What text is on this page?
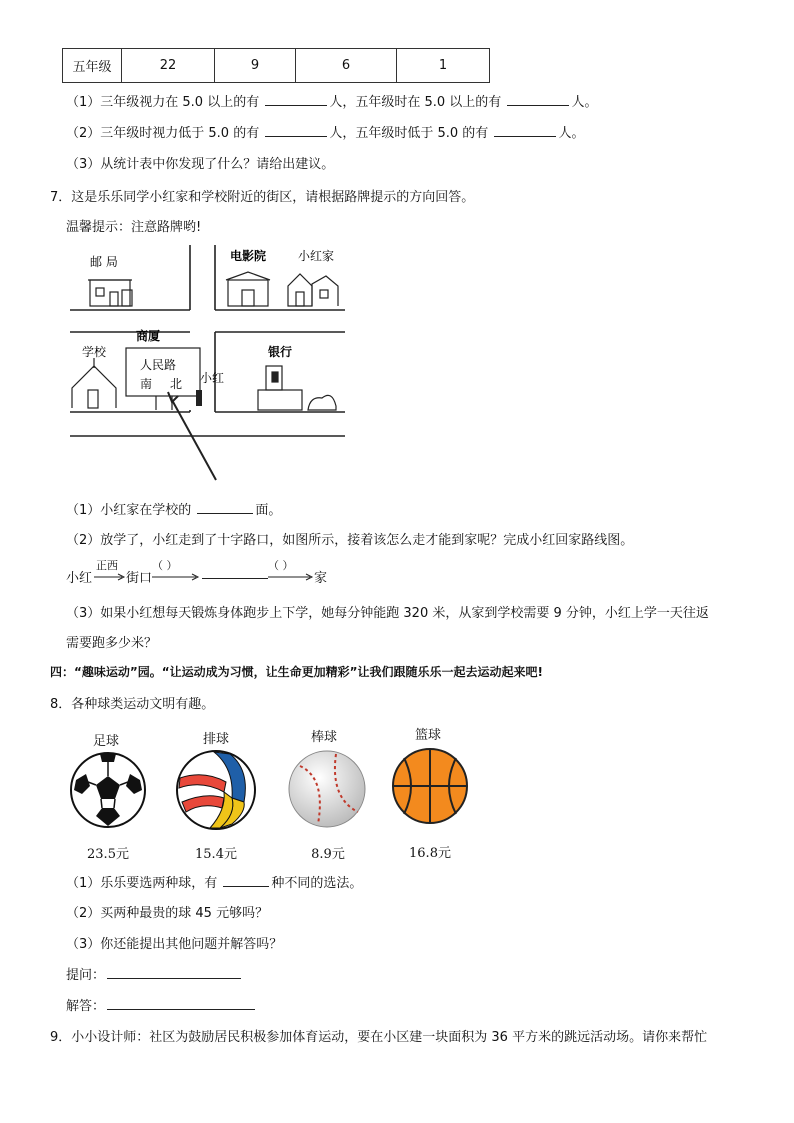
五年级	22	9	6	1
（1）三年级视力在 5.0 以上的有	人，五年级时在 5.0 以上的有	人。
（2）三年级时视力低于 5.0 的有	人，五年级时低于 5.0 的有	人。
（3）从统计表中你发现了什么？请给出建议。
7．这是乐乐同学小红家和学校附近的街区，请根据路牌提示的方向回答。
温馨提示：注意路牌哟!
邮 局	电影院	小红家
学校
商厦
人民路
南 北 小红
银行
（1）小红家在学校的	面。
（2）放学了，小红走到了十字路口，如图所示，接着该怎么走才能到家呢？完成小红回家路线图。
小红
正西
街口
（ ）	（ ）
家
（3）如果小红想每天锻炼身体跑步上下学，她每分钟能跑 320 米，从家到学校需要 9 分钟，小红上学一天往返
需要跑多少米？
四：“趣味运动”园。“让运动成为习惯，让生命更加精彩”让我们跟随乐乐一起去运动起来吧!
8．各种球类运动文明有趣。
足球	排球	棒球	篮球
23.5元	15.4元	8.9元	16.8元
（1）乐乐要选两种球，有	种不同的选法。
（2）买两种最贵的球 45 元够吗？
（3）你还能提出其他问题并解答吗？
提问：
解答：
9．小小设计师：社区为鼓励居民积极参加体育运动，要在小区建一块面积为 36 平方米的跳远活动场。请你来帮忙
